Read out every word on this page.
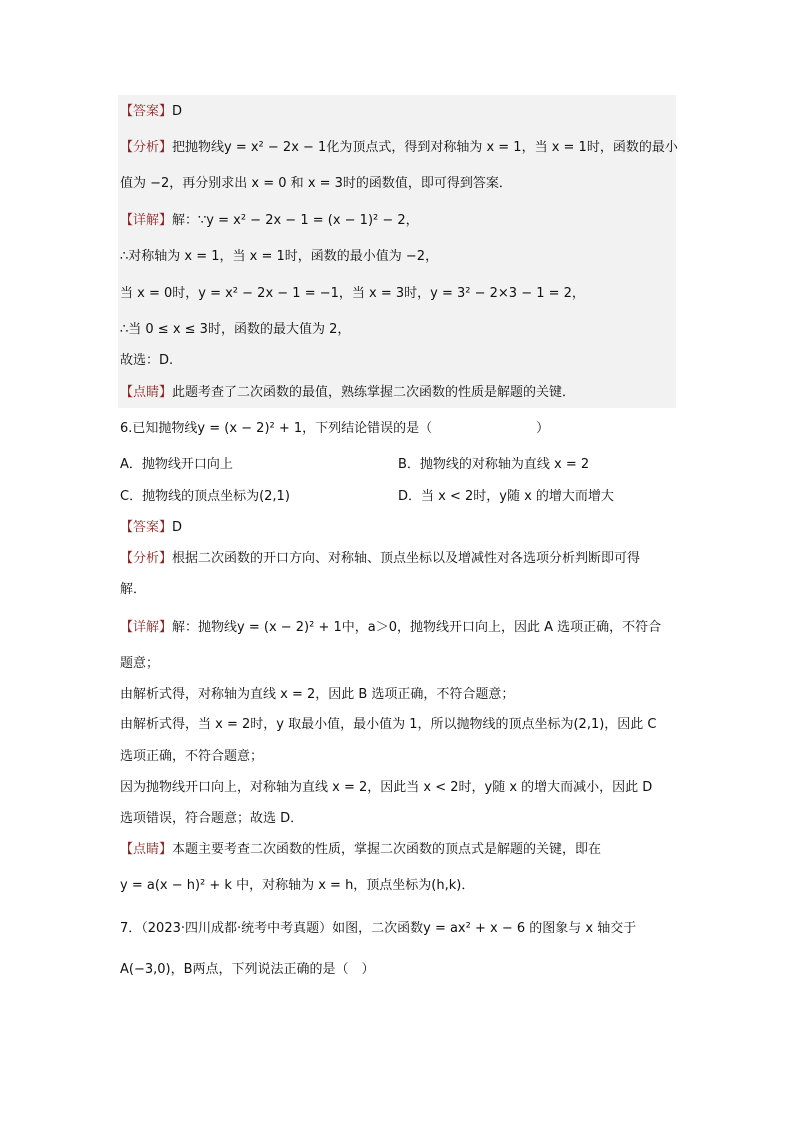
【答案】D
【分析】把抛物线y = x² − 2x − 1化为顶点式，得到对称轴为 x = 1，当 x = 1时，函数的最小
值为 −2，再分别求出 x = 0 和 x = 3时的函数值，即可得到答案．
【详解】解：∵y = x² − 2x − 1 = (x − 1)² − 2，
∴对称轴为 x = 1，当 x = 1时，函数的最小值为 −2，
当 x = 0时，y = x² − 2x − 1 = −1，当 x = 3时，y = 3² − 2×3 − 1 = 2，
∴当 0 ≤ x ≤ 3时，函数的最大值为 2，
故选：D.
【点睛】此题考查了二次函数的最值，熟练掌握二次函数的性质是解题的关键．
6.已知抛物线y = (x − 2)² + 1，下列结论错误的是（　　　　　　　　）
A．抛物线开口向上	B．抛物线的对称轴为直线 x = 2
C．抛物线的顶点坐标为(2,1)	D．当 x < 2时，y随 x 的增大而增大
【答案】D
【分析】根据二次函数的开口方向、对称轴、顶点坐标以及增减性对各选项分析判断即可得
解．
【详解】解：抛物线y = (x − 2)² + 1中，a＞0，抛物线开口向上，因此 A 选项正确，不符合
题意；
由解析式得，对称轴为直线 x = 2，因此 B 选项正确，不符合题意；
由解析式得，当 x = 2时，y 取最小值，最小值为 1，所以抛物线的顶点坐标为(2,1)，因此 C
选项正确，不符合题意；
因为抛物线开口向上，对称轴为直线 x = 2，因此当 x < 2时，y随 x 的增大而减小，因此 D
选项错误，符合题意；故选 D．
【点睛】本题主要考查二次函数的性质，掌握二次函数的顶点式是解题的关键，即在
y = a(x − h)² + k 中，对称轴为 x = h，顶点坐标为(h,k)．
7．（2023·四川成都·统考中考真题）如图，二次函数y = ax² + x − 6 的图象与 x 轴交于
A(−3,0)，B两点，下列说法正确的是（　）
